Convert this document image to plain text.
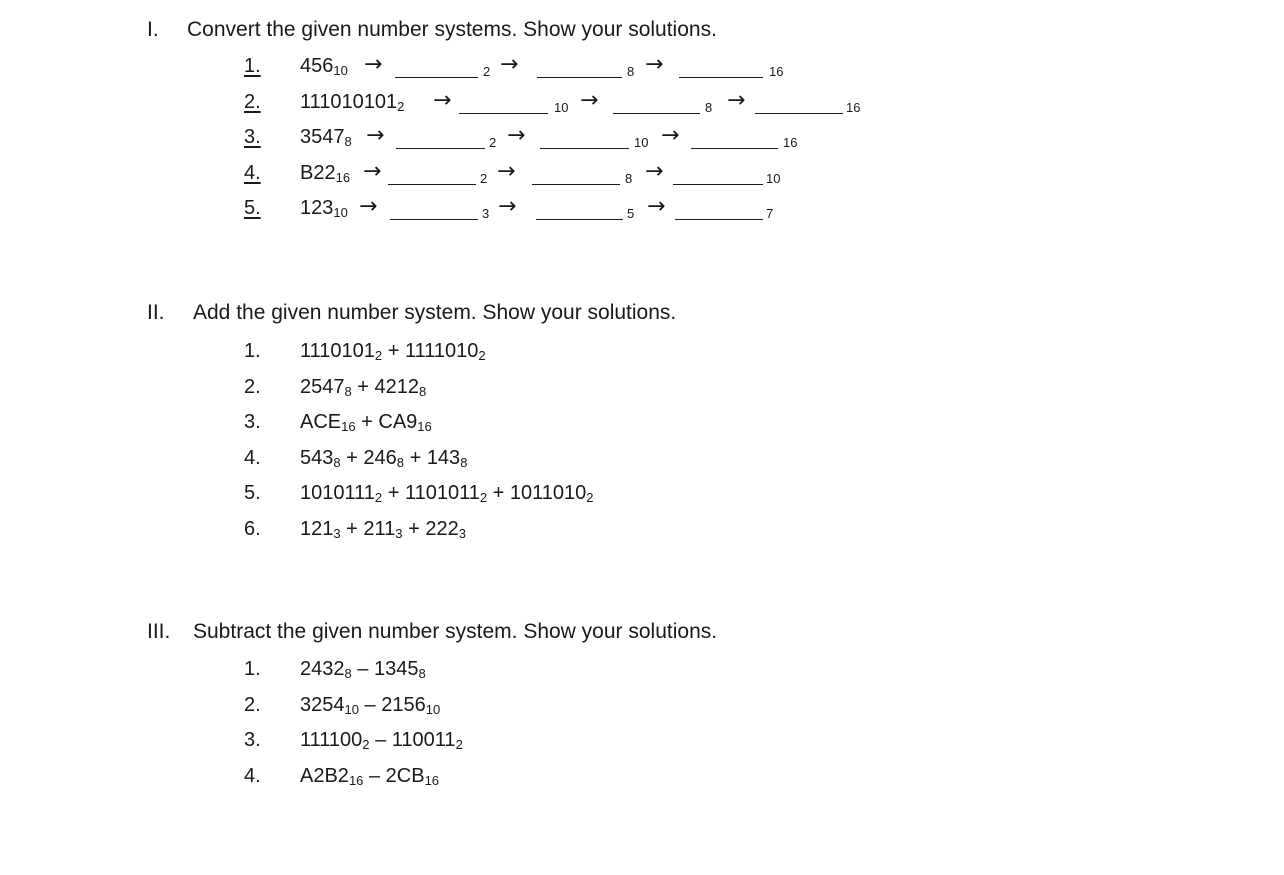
I. Convert the given number systems. Show your solutions.
1. $456_{10}$ →	2 →	8 →	16
2. $111010101_2$ →	10 →	8 →	16
3. $3547_8$ →	2 →	10 →	16
4. $B22_{16}$ →	2 →	8 →	10
5. $123_{10}$ →	3 →	5 →	7
II. Add the given number system. Show your solutions.
1. $1110101_2 + 1111010_2$
2. $2547_8 + 4212_8$
3. $ACE_{16} + CA9_{16}$
4. $543_8 + 246_8 + 143_8$
5. $1010111_2 + 1101011_2 + 1011010_2$
6. $121_3 + 211_3 + 222_3$
III. Subtract the given number system. Show your solutions.
1. $2432_8 - 1345_8$
2. $3254_{10} - 2156_{10}$
3. $111100_2 - 110011_2$
4. $A2B2_{16} - 2CB_{16}$
